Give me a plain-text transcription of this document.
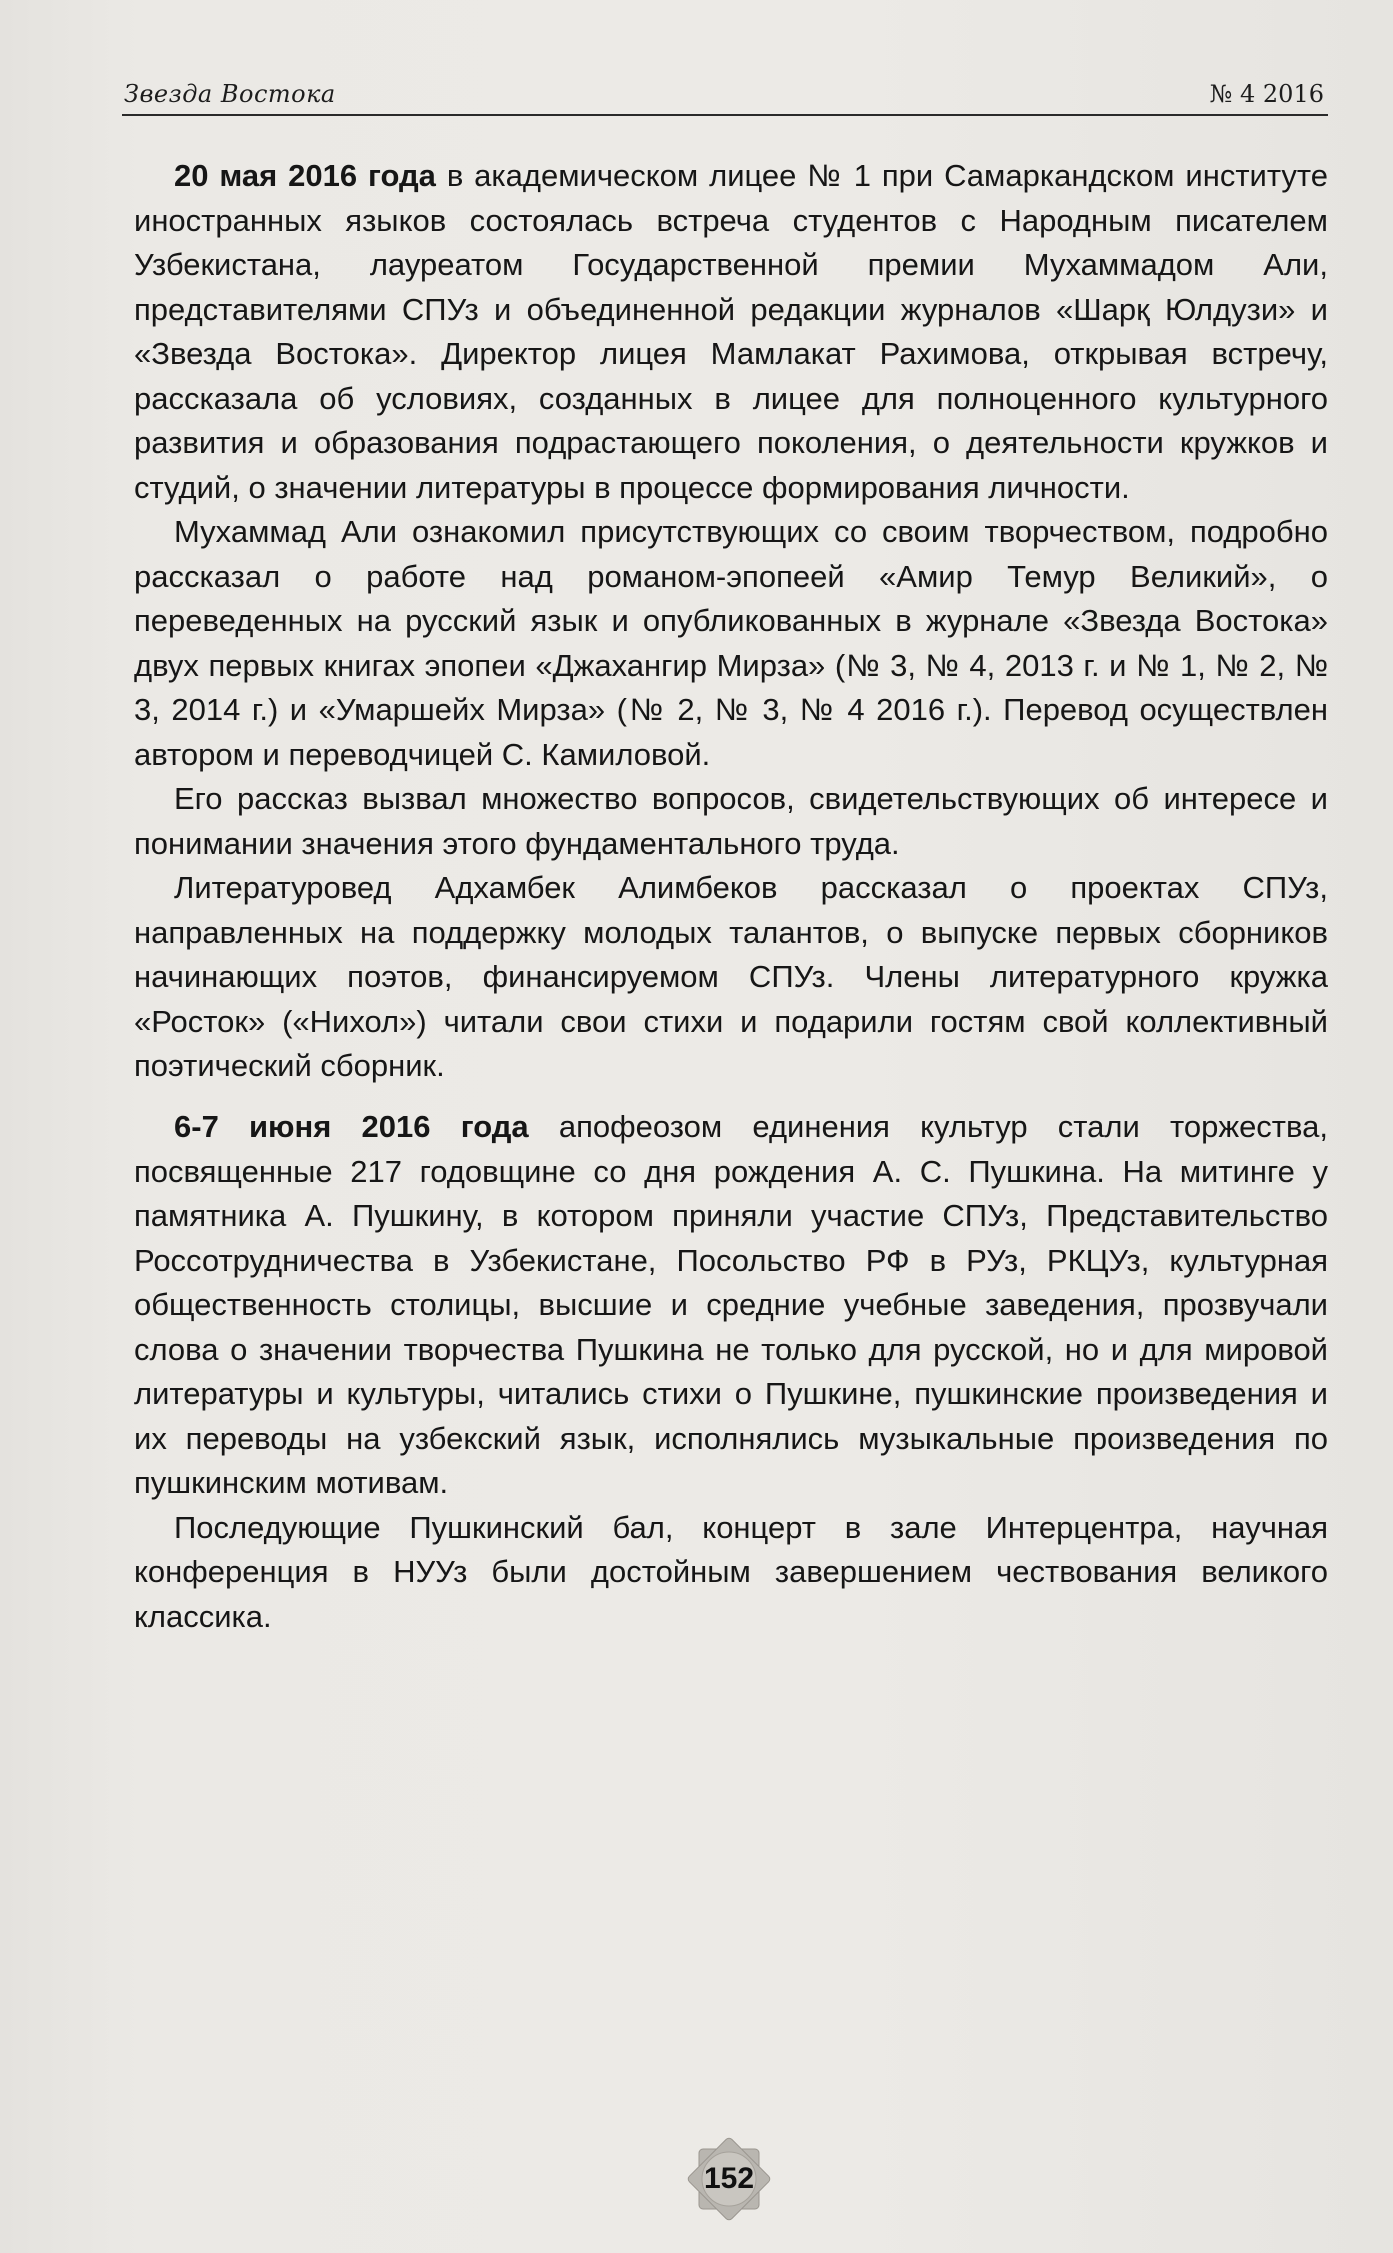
Звезда Востока	№ 4 2016

20 мая 2016 года в академическом лицее № 1 при Самаркандском институте иностранных языков состоялась встреча студентов с Народным писателем Узбекистана, лауреатом Государственной премии Мухаммадом Али, представителями СПУз и объединенной редакции журналов «Шарқ Юлдузи» и «Звезда Востока». Директор лицея Мамлакат Рахимова, открывая встречу, рассказала об условиях, созданных в лицее для полноценного культурного развития и образования подрастающего поколения, о деятельности кружков и студий, о значении литературы в процессе формирования личности.

Мухаммад Али ознакомил присутствующих со своим творчеством, подробно рассказал о работе над романом-эпопеей «Амир Темур Великий», о переведенных на русский язык и опубликованных в журнале «Звезда Востока» двух первых книгах эпопеи «Джахангир Мирза» (№ 3, № 4, 2013 г. и № 1, № 2, № 3, 2014 г.) и «Умаршейх Мирза» (№ 2, № 3, № 4 2016 г.). Перевод осуществлен автором и переводчицей С. Камиловой.

Его рассказ вызвал множество вопросов, свидетельствующих об интересе и понимании значения этого фундаментального труда.

Литературовед Адхамбек Алимбеков рассказал о проектах СПУз, направленных на поддержку молодых талантов, о выпуске первых сборников начинающих поэтов, финансируемом СПУз. Члены литературного кружка «Росток» («Нихол») читали свои стихи и подарили гостям свой коллективный поэтический сборник.

6-7 июня 2016 года апофеозом единения культур стали торжества, посвященные 217 годовщине со дня рождения А. С. Пушкина. На митинге у памятника А. Пушкину, в котором приняли участие СПУз, Представительство Россотрудничества в Узбекистане, Посольство РФ в РУз, РКЦУз, культурная общественность столицы, высшие и средние учебные заведения, прозвучали слова о значении творчества Пушкина не только для русской, но и для мировой литературы и культуры, читались стихи о Пушкине, пушкинские произведения и их переводы на узбекский язык, исполнялись музыкальные произведения по пушкинским мотивам.

Последующие Пушкинский бал, концерт в зале Интерцентра, научная конференция в НУУз были достойным завершением чествования великого классика.

152
